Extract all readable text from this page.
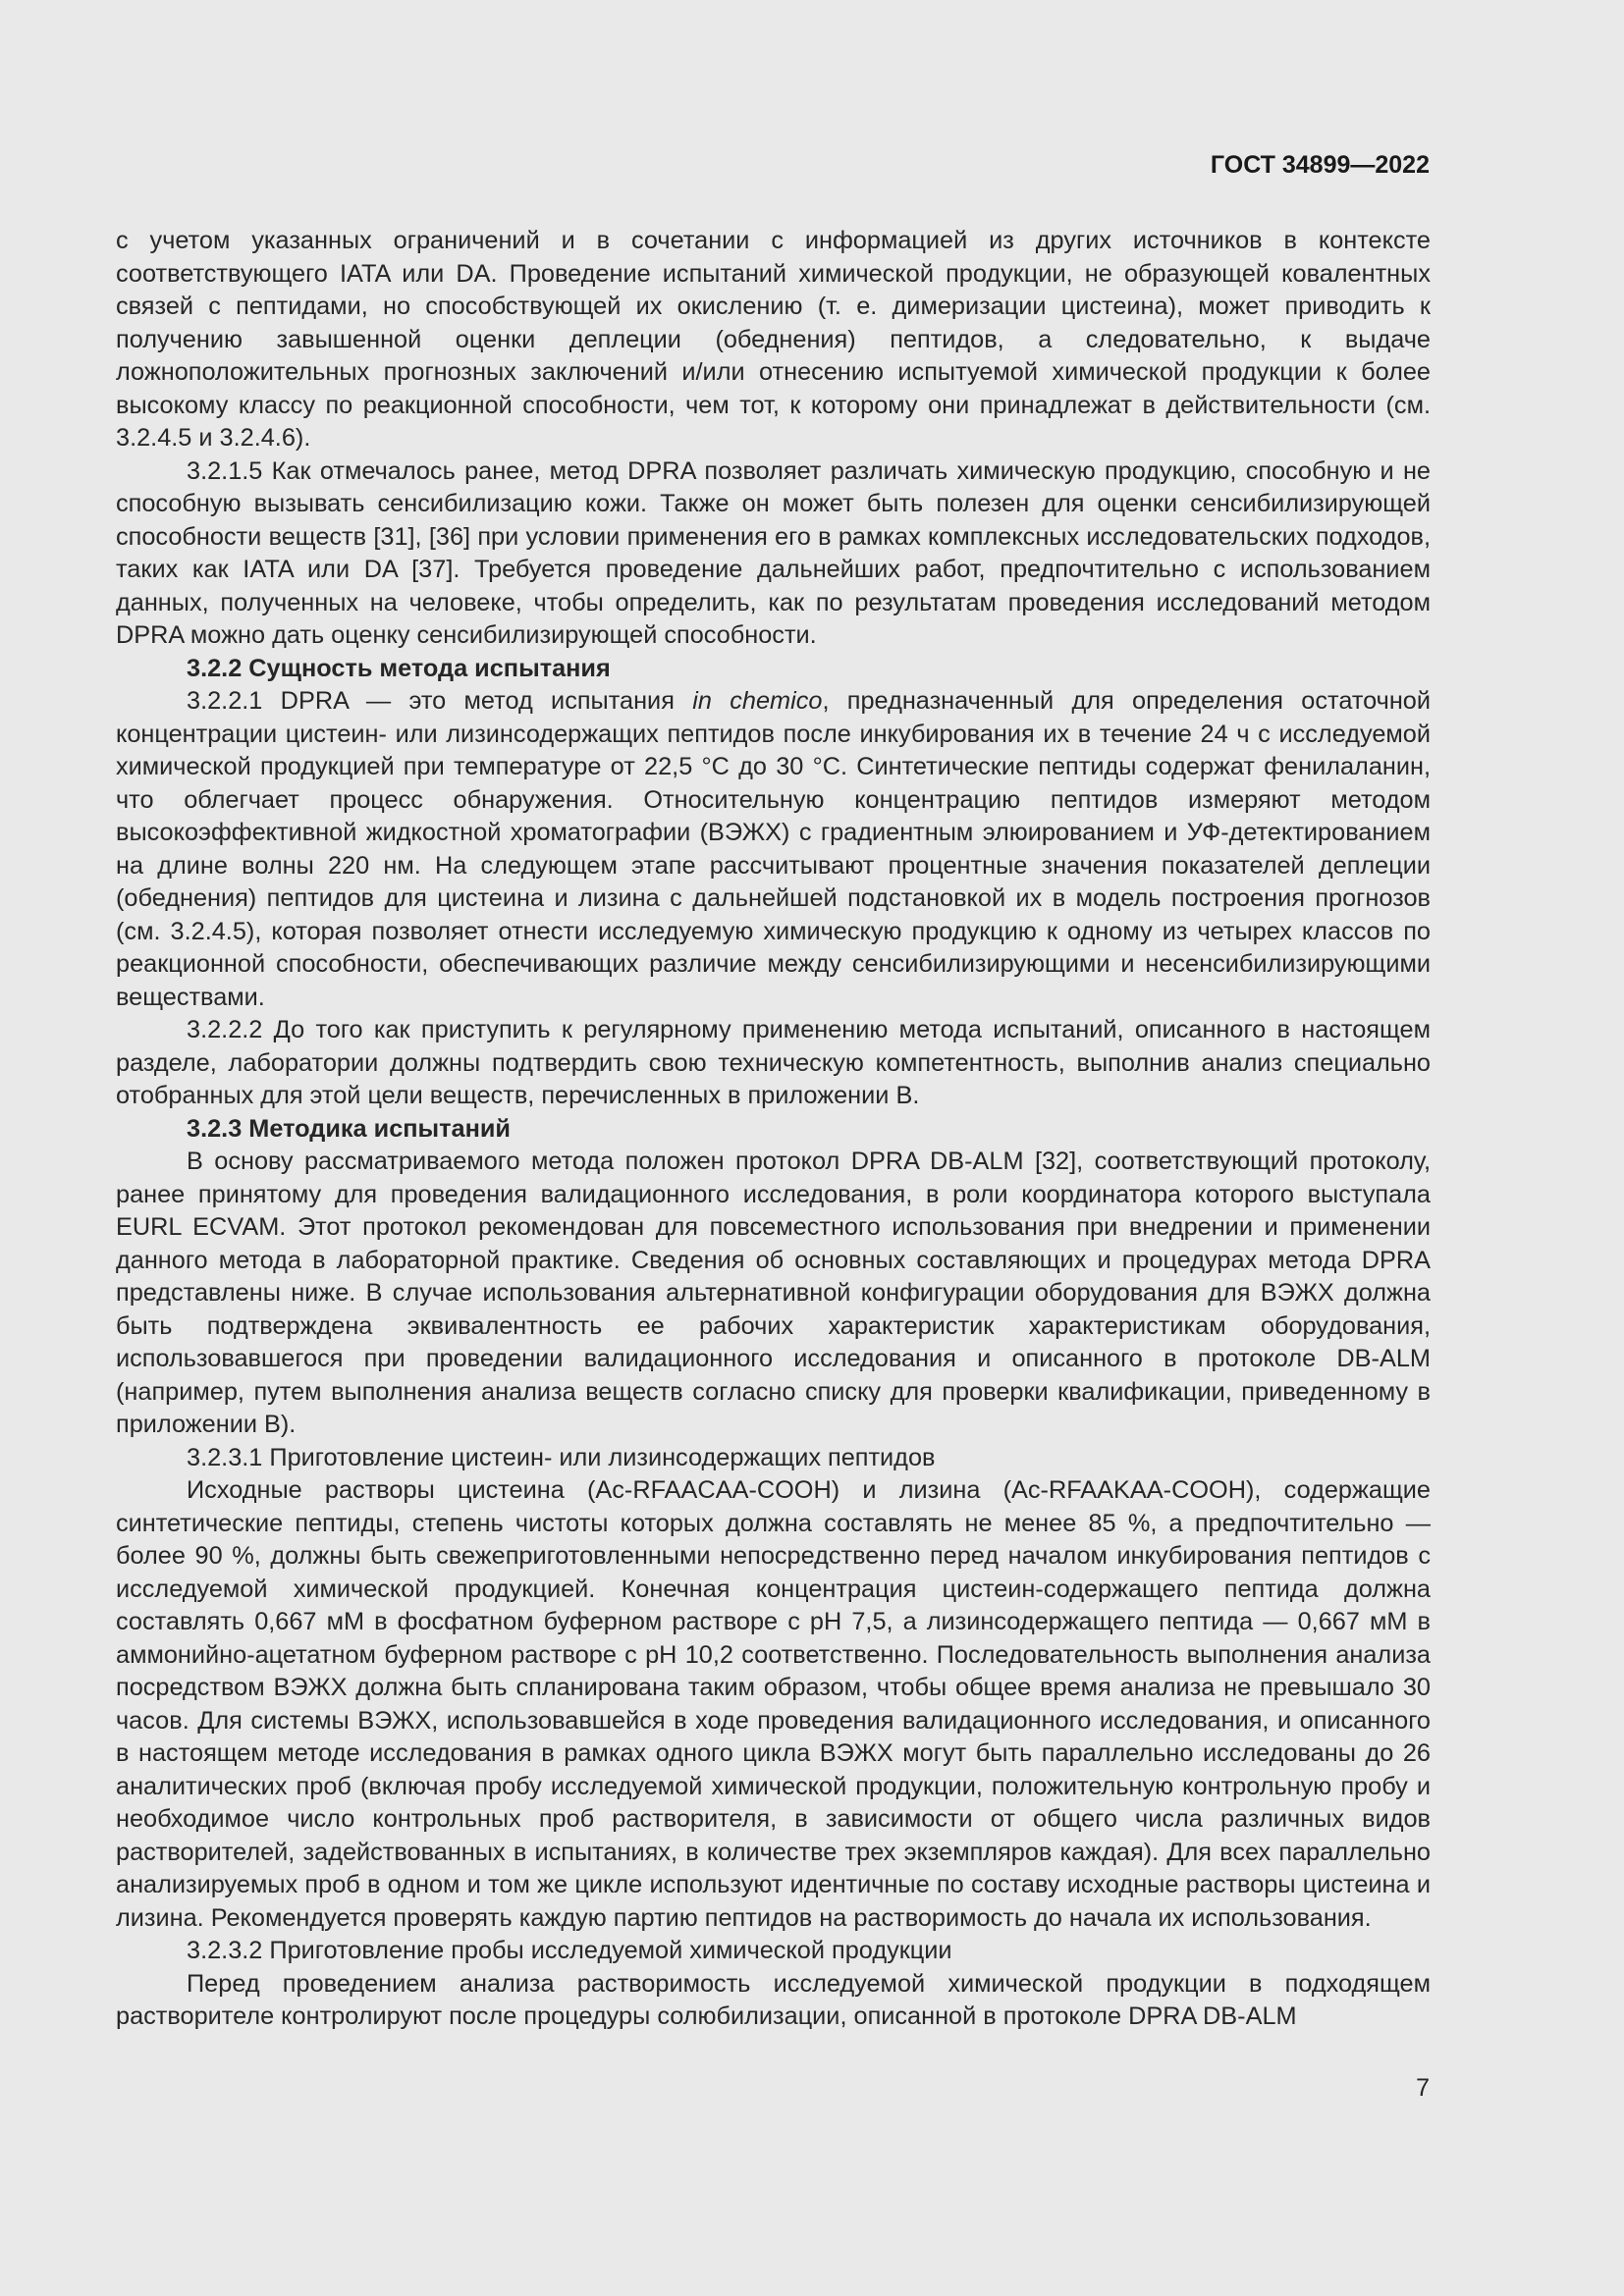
ГОСТ 34899—2022

с учетом указанных ограничений и в сочетании с информацией из других источников в контексте соответствующего IATA или DA. Проведение испытаний химической продукции, не образующей ковалентных связей с пептидами, но способствующей их окислению (т. е. димеризации цистеина), может приводить к получению завышенной оценки деплеции (обеднения) пептидов, а следовательно, к выдаче ложноположительных прогнозных заключений и/или отнесению испытуемой химической продукции к более высокому классу по реакционной способности, чем тот, к которому они принадлежат в действительности (см. 3.2.4.5 и 3.2.4.6).

3.2.1.5 Как отмечалось ранее, метод DPRA позволяет различать химическую продукцию, способную и не способную вызывать сенсибилизацию кожи. Также он может быть полезен для оценки сенсибилизирующей способности веществ [31], [36] при условии применения его в рамках комплексных исследовательских подходов, таких как IATA или DA [37]. Требуется проведение дальнейших работ, предпочтительно с использованием данных, полученных на человеке, чтобы определить, как по результатам проведения исследований методом DPRA можно дать оценку сенсибилизирующей способности.

3.2.2 Сущность метода испытания

3.2.2.1 DPRA — это метод испытания in chemico, предназначенный для определения остаточной концентрации цистеин- или лизинсодержащих пептидов после инкубирования их в течение 24 ч с исследуемой химической продукцией при температуре от 22,5 °С до 30 °С. Синтетические пептиды содержат фенилаланин, что облегчает процесс обнаружения. Относительную концентрацию пептидов измеряют методом высокоэффективной жидкостной хроматографии (ВЭЖХ) с градиентным элюированием и УФ-детектированием на длине волны 220 нм. На следующем этапе рассчитывают процентные значения показателей деплеции (обеднения) пептидов для цистеина и лизина с дальнейшей подстановкой их в модель построения прогнозов (см. 3.2.4.5), которая позволяет отнести исследуемую химическую продукцию к одному из четырех классов по реакционной способности, обеспечивающих различие между сенсибилизирующими и несенсибилизирующими веществами.

3.2.2.2 До того как приступить к регулярному применению метода испытаний, описанного в настоящем разделе, лаборатории должны подтвердить свою техническую компетентность, выполнив анализ специально отобранных для этой цели веществ, перечисленных в приложении В.

3.2.3 Методика испытаний

В основу рассматриваемого метода положен протокол DPRA DB-ALM [32], соответствующий протоколу, ранее принятому для проведения валидационного исследования, в роли координатора которого выступала EURL ECVAM. Этот протокол рекомендован для повсеместного использования при внедрении и применении данного метода в лабораторной практике. Сведения об основных составляющих и процедурах метода DPRA представлены ниже. В случае использования альтернативной конфигурации оборудования для ВЭЖХ должна быть подтверждена эквивалентность ее рабочих характеристик характеристикам оборудования, использовавшегося при проведении валидационного исследования и описанного в протоколе DB-ALM (например, путем выполнения анализа веществ согласно списку для проверки квалификации, приведенному в приложении В).

3.2.3.1 Приготовление цистеин- или лизинсодержащих пептидов

Исходные растворы цистеина (Ac-RFAACAA-COOH) и лизина (Ac-RFAAKAA-COOH), содержащие синтетические пептиды, степень чистоты которых должна составлять не менее 85 %, а предпочтительно — более 90 %, должны быть свежеприготовленными непосредственно перед началом инкубирования пептидов с исследуемой химической продукцией. Конечная концентрация цистеин-содержащего пептида должна составлять 0,667 мМ в фосфатном буферном растворе с рН 7,5, а лизинсодержащего пептида — 0,667 мМ в аммонийно-ацетатном буферном растворе с рН 10,2 соответственно. Последовательность выполнения анализа посредством ВЭЖХ должна быть спланирована таким образом, чтобы общее время анализа не превышало 30 часов. Для системы ВЭЖХ, использовавшейся в ходе проведения валидационного исследования, и описанного в настоящем методе исследования в рамках одного цикла ВЭЖХ могут быть параллельно исследованы до 26 аналитических проб (включая пробу исследуемой химической продукции, положительную контрольную пробу и необходимое число контрольных проб растворителя, в зависимости от общего числа различных видов растворителей, задействованных в испытаниях, в количестве трех экземпляров каждая). Для всех параллельно анализируемых проб в одном и том же цикле используют идентичные по составу исходные растворы цистеина и лизина. Рекомендуется проверять каждую партию пептидов на растворимость до начала их использования.

3.2.3.2 Приготовление пробы исследуемой химической продукции

Перед проведением анализа растворимость исследуемой химической продукции в подходящем растворителе контролируют после процедуры солюбилизации, описанной в протоколе DPRA DB-ALM

7
